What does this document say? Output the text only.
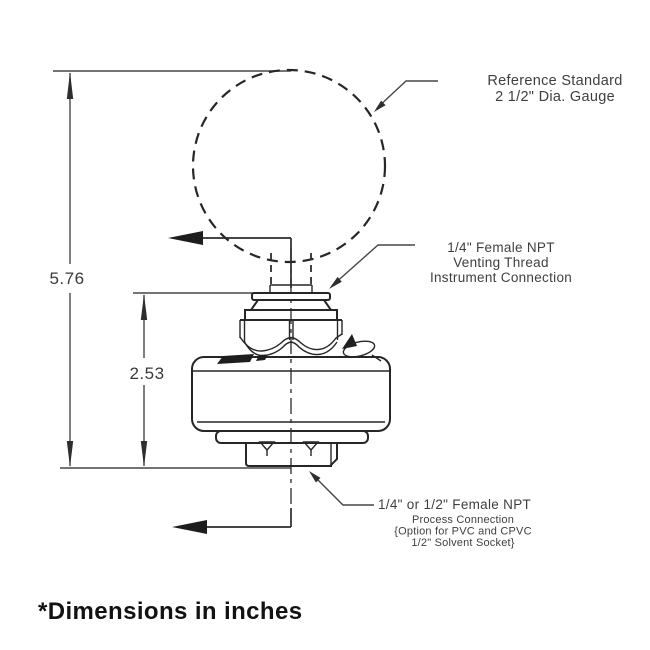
5.76
2.53
Reference Standard
2 1/2" Dia. Gauge
1/4" Female NPT
Venting Thread
Instrument Connection
1/4" or 1/2" Female NPT
Process Connection
{Option for PVC and CPVC
1/2" Solvent Socket}
*Dimensions in inches
